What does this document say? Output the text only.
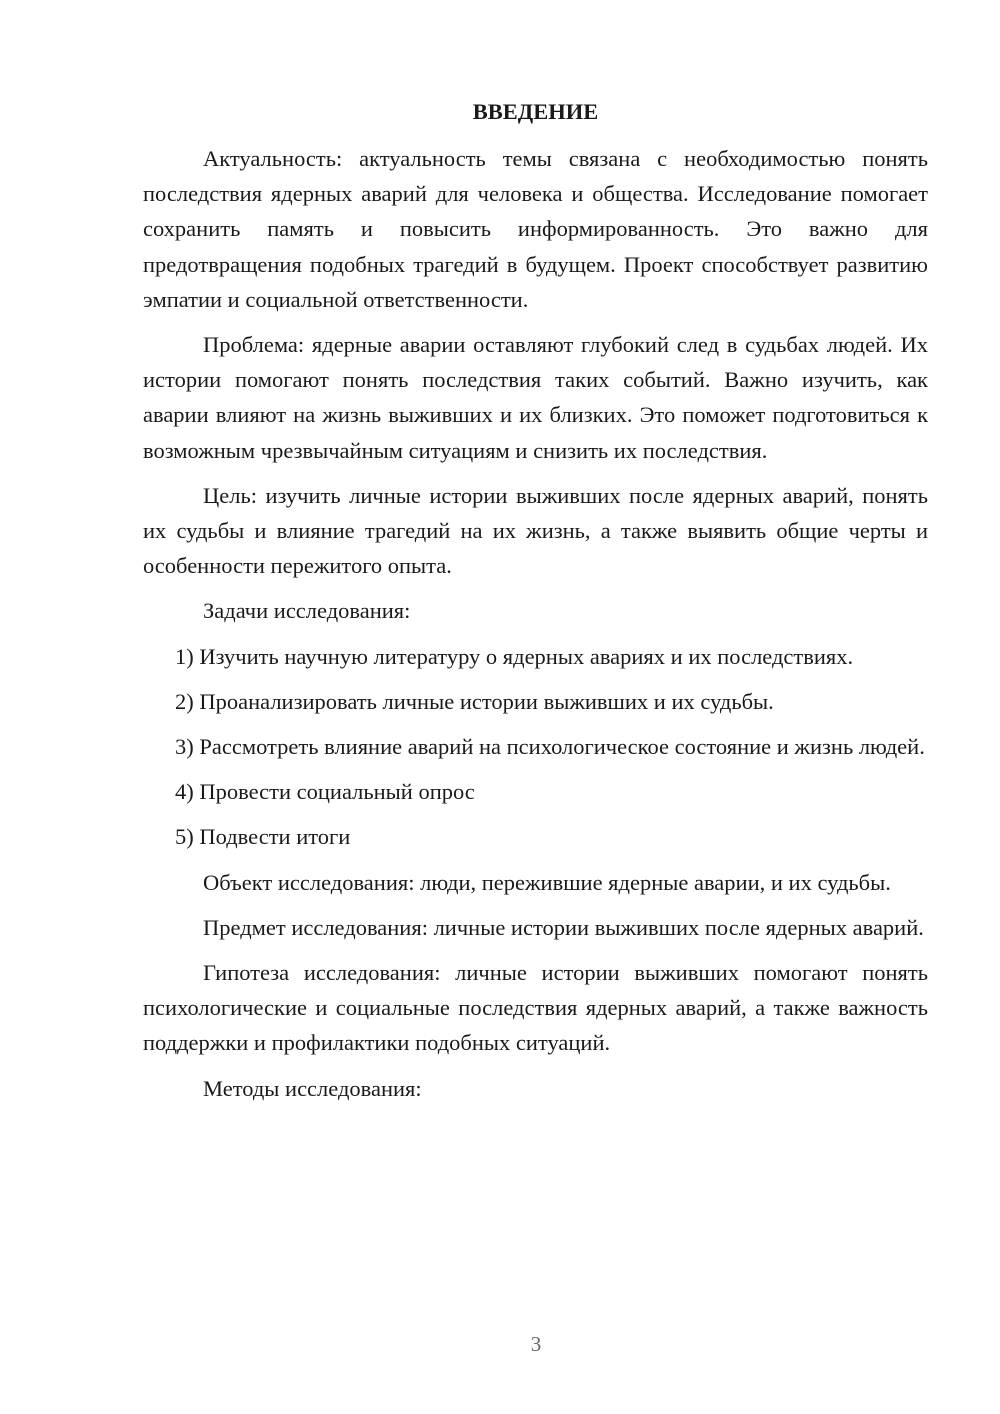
ВВЕДЕНИЕ

Актуальность: актуальность темы связана с необходимостью понять последствия ядерных аварий для человека и общества. Исследование помогает сохранить память и повысить информированность. Это важно для предотвращения подобных трагедий в будущем. Проект способствует развитию эмпатии и социальной ответственности.

Проблема: ядерные аварии оставляют глубокий след в судьбах людей. Их истории помогают понять последствия таких событий. Важно изучить, как аварии влияют на жизнь выживших и их близких. Это поможет подготовиться к возможным чрезвычайным ситуациям и снизить их последствия.

Цель: изучить личные истории выживших после ядерных аварий, понять их судьбы и влияние трагедий на их жизнь, а также выявить общие черты и особенности пережитого опыта.

Задачи исследования:

1) Изучить научную литературу о ядерных авариях и их последствиях.

2) Проанализировать личные истории выживших и их судьбы.

3) Рассмотреть влияние аварий на психологическое состояние и жизнь людей.

4) Провести социальный опрос

5) Подвести итоги

Объект исследования: люди, пережившие ядерные аварии, и их судьбы.

Предмет исследования: личные истории выживших после ядерных аварий.

Гипотеза исследования: личные истории выживших помогают понять психологические и социальные последствия ядерных аварий, а также важность поддержки и профилактики подобных ситуаций.

Методы исследования:

3
